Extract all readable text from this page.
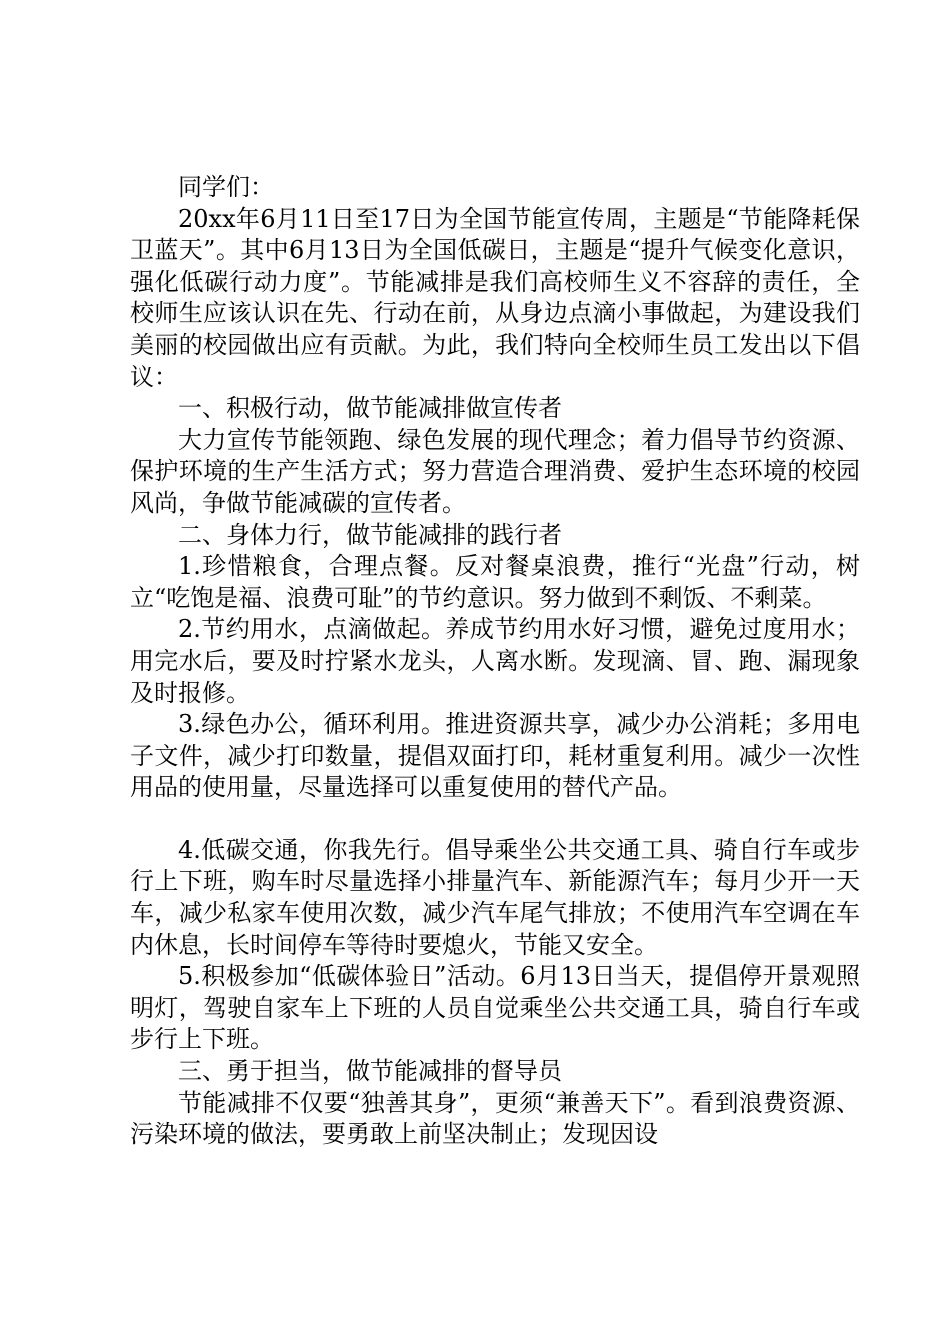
同学们：

20xx年6月11日至17日为全国节能宣传周，主题是“节能降耗保卫蓝天”。其中6月13日为全国低碳日，主题是“提升气候变化意识，强化低碳行动力度”。节能减排是我们高校师生义不容辞的责任，全校师生应该认识在先、行动在前，从身边点滴小事做起，为建设我们美丽的校园做出应有贡献。为此，我们特向全校师生员工发出以下倡议：

一、积极行动，做节能减排做宣传者

大力宣传节能领跑、绿色发展的现代理念；着力倡导节约资源、保护环境的生产生活方式；努力营造合理消费、爱护生态环境的校园风尚，争做节能减碳的宣传者。

二、身体力行，做节能减排的践行者

1.珍惜粮食，合理点餐。反对餐桌浪费，推行“光盘”行动，树立“吃饱是福、浪费可耻”的节约意识。努力做到不剩饭、不剩菜。

2.节约用水，点滴做起。养成节约用水好习惯，避免过度用水；用完水后，要及时拧紧水龙头，人离水断。发现滴、冒、跑、漏现象及时报修。

3.绿色办公，循环利用。推进资源共享，减少办公消耗；多用电子文件，减少打印数量，提倡双面打印，耗材重复利用。减少一次性用品的使用量，尽量选择可以重复使用的替代产品。

4.低碳交通，你我先行。倡导乘坐公共交通工具、骑自行车或步行上下班，购车时尽量选择小排量汽车、新能源汽车；每月少开一天车，减少私家车使用次数，减少汽车尾气排放；不使用汽车空调在车内休息，长时间停车等待时要熄火，节能又安全。

5.积极参加“低碳体验日”活动。6月13日当天，提倡停开景观照明灯，驾驶自家车上下班的人员自觉乘坐公共交通工具，骑自行车或步行上下班。

三、勇于担当，做节能减排的督导员

节能减排不仅要“独善其身”，更须“兼善天下”。看到浪费资源、污染环境的做法，要勇敢上前坚决制止；发现因设
